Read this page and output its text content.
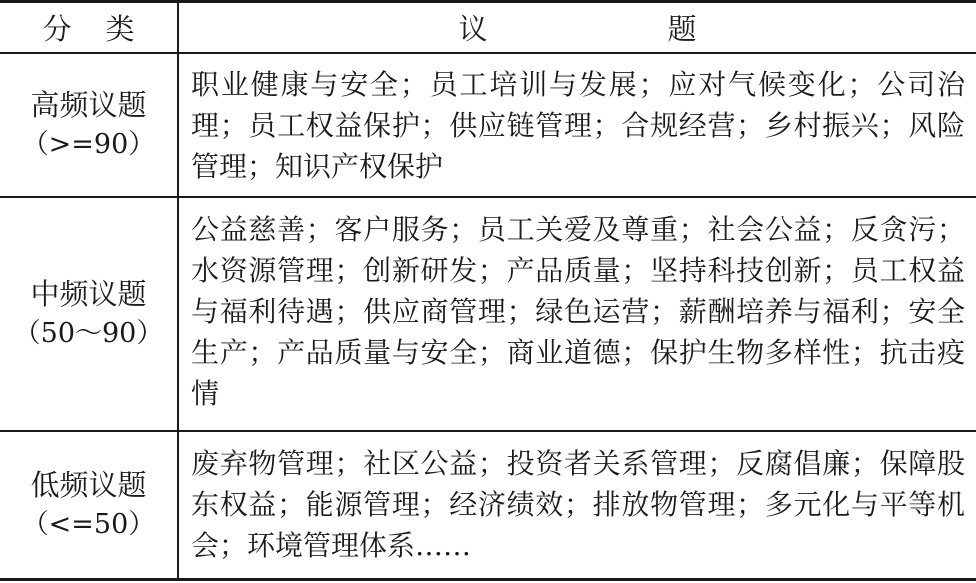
分类	议题
高频议题
（>=90）
职业健康与安全；员工培训与发展；应对气候变化；公司治理；员工权益保护；供应链管理；合规经营；乡村振兴；风险管理；知识产权保护
中频议题
（50～90）
公益慈善；客户服务；员工关爱及尊重；社会公益；反贪污；水资源管理；创新研发；产品质量；坚持科技创新；员工权益与福利待遇；供应商管理；绿色运营；薪酬培养与福利；安全生产；产品质量与安全；商业道德；保护生物多样性；抗击疫情
低频议题
（<=50）
废弃物管理；社区公益；投资者关系管理；反腐倡廉；保障股东权益；能源管理；经济绩效；排放物管理；多元化与平等机会；环境管理体系……
